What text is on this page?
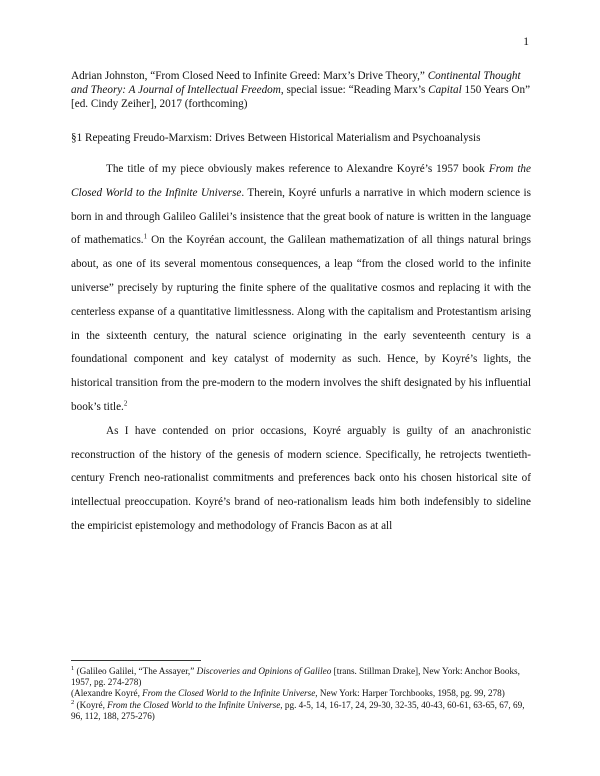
1
Adrian Johnston, “From Closed Need to Infinite Greed: Marx’s Drive Theory,” Continental Thought and Theory: A Journal of Intellectual Freedom, special issue: “Reading Marx’s Capital 150 Years On” [ed. Cindy Zeiher], 2017 (forthcoming)
§1 Repeating Freudo-Marxism: Drives Between Historical Materialism and Psychoanalysis

The title of my piece obviously makes reference to Alexandre Koyré’s 1957 book From the Closed World to the Infinite Universe. Therein, Koyré unfurls a narrative in which modern science is born in and through Galileo Galilei’s insistence that the great book of nature is written in the language of mathematics.$^1$ On the Koyréan account, the Galilean mathematization of all things natural brings about, as one of its several momentous consequences, a leap “from the closed world to the infinite universe” precisely by rupturing the finite sphere of the qualitative cosmos and replacing it with the centerless expanse of a quantitative limitlessness. Along with the capitalism and Protestantism arising in the sixteenth century, the natural science originating in the early seventeenth century is a foundational component and key catalyst of modernity as such. Hence, by Koyré’s lights, the historical transition from the pre-modern to the modern involves the shift designated by his influential book’s title.$^2$

As I have contended on prior occasions, Koyré arguably is guilty of an anachronistic reconstruction of the history of the genesis of modern science. Specifically, he retrojects twentieth-century French neo-rationalist commitments and preferences back onto his chosen historical site of intellectual preoccupation. Koyré’s brand of neo-rationalism leads him both indefensibly to sideline the empiricist epistemology and methodology of Francis Bacon as at all

$^1$ (Galileo Galilei, “The Assayer,” Discoveries and Opinions of Galileo [trans. Stillman Drake], New York: Anchor Books, 1957, pg. 274-278)

(Alexandre Koyré, From the Closed World to the Infinite Universe, New York: Harper Torchbooks, 1958, pg. 99, 278)

$^2$ (Koyré, From the Closed World to the Infinite Universe, pg. 4-5, 14, 16-17, 24, 29-30, 32-35, 40-43, 60-61, 63-65, 67, 69, 96, 112, 188, 275-276)
